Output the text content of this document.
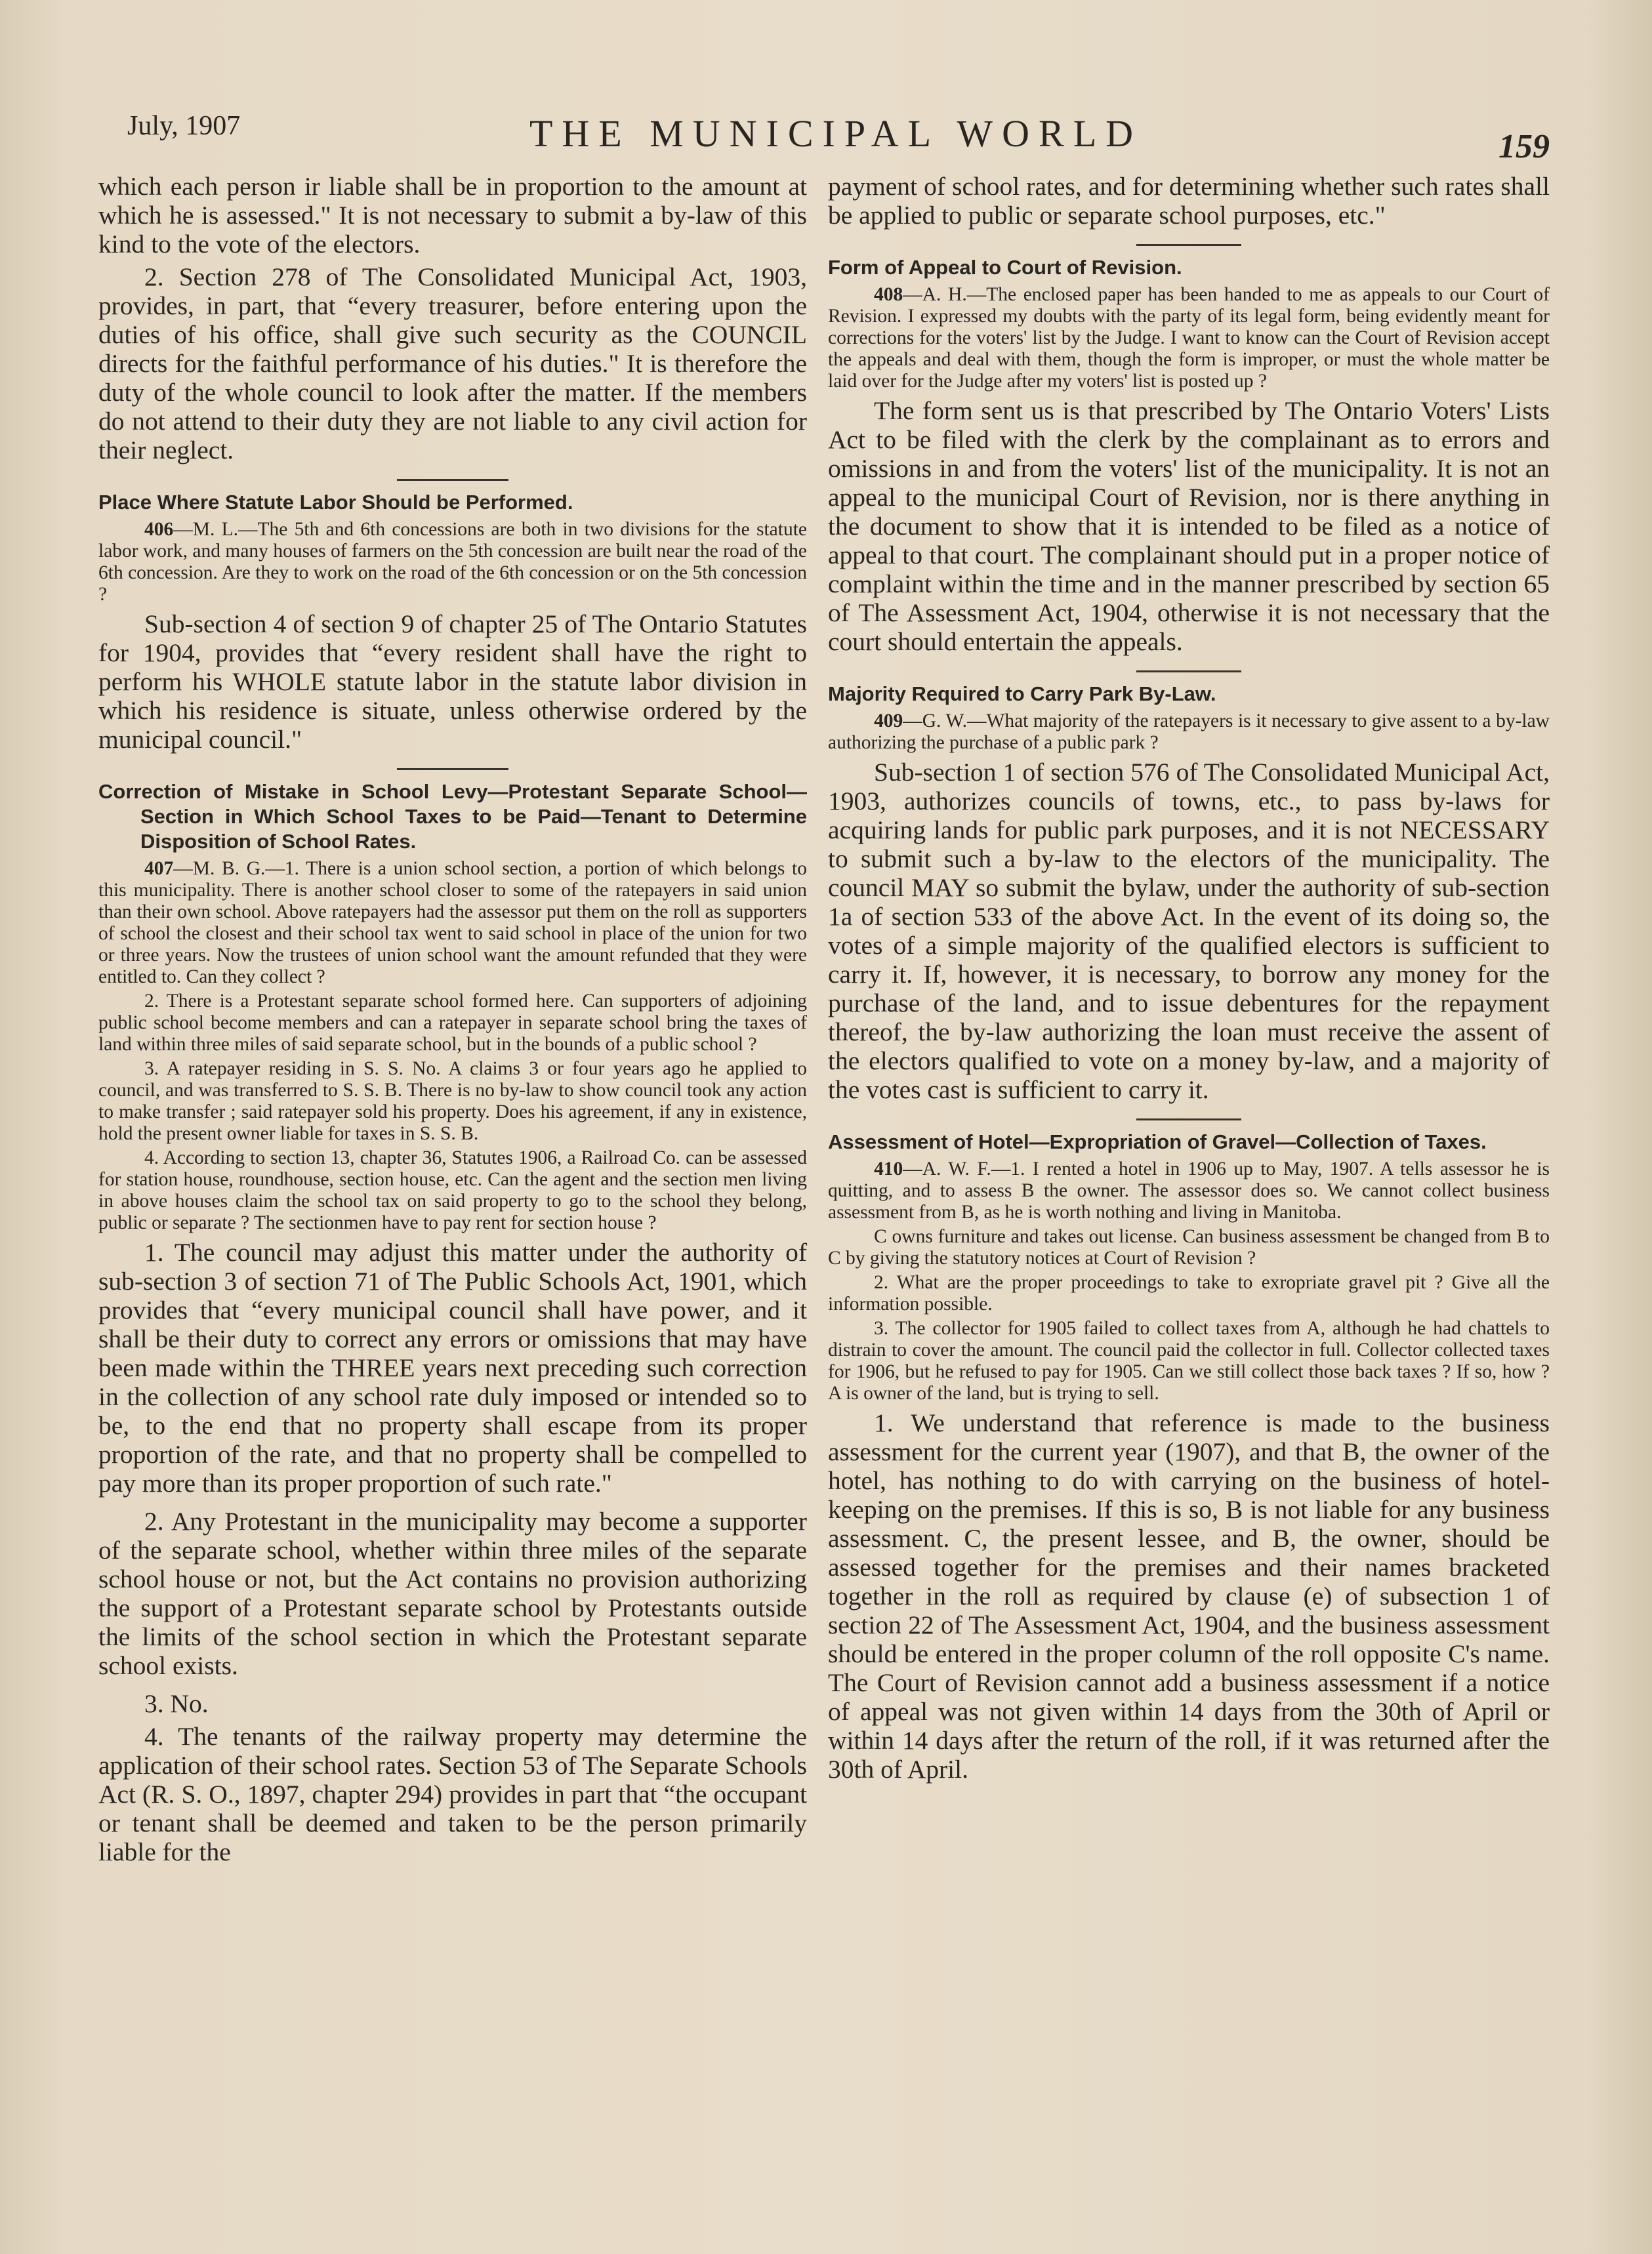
July, 1907	THE MUNICIPAL WORLD	159

which each person ir liable shall be in proportion to the amount at which he is assessed." It is not necessary to submit a by-law of this kind to the vote of the electors.

2. Section 278 of The Consolidated Municipal Act, 1903, provides, in part, that “every treasurer, before entering upon the duties of his office, shall give such security as the COUNCIL directs for the faithful performance of his duties." It is therefore the duty of the whole council to look after the matter. If the members do not attend to their duty they are not liable to any civil action for their neglect.

Place Where Statute Labor Should be Performed.

406—M. L.—The 5th and 6th concessions are both in two divisions for the statute labor work, and many houses of farmers on the 5th concession are built near the road of the 6th concession. Are they to work on the road of the 6th concession or on the 5th concession ?

Sub-section 4 of section 9 of chapter 25 of The Ontario Statutes for 1904, provides that “every resident shall have the right to perform his WHOLE statute labor in the statute labor division in which his residence is situate, unless otherwise ordered by the municipal council."

Correction of Mistake in School Levy—Protestant Separate School—Section in Which School Taxes to be Paid—Tenant to Determine Disposition of School Rates.

407—M. B. G.—1. There is a union school section, a portion of which belongs to this municipality. There is another school closer to some of the ratepayers in said union than their own school. Above ratepayers had the assessor put them on the roll as supporters of school the closest and their school tax went to said school in place of the union for two or three years. Now the trustees of union school want the amount refunded that they were entitled to. Can they collect ?

2. There is a Protestant separate school formed here. Can supporters of adjoining public school become members and can a ratepayer in separate school bring the taxes of land within three miles of said separate school, but in the bounds of a public school ?

3. A ratepayer residing in S. S. No. A claims 3 or four years ago he applied to council, and was transferred to S. S. B. There is no by-law to show council took any action to make transfer ; said ratepayer sold his property. Does his agreement, if any in existence, hold the present owner liable for taxes in S. S. B.

4. According to section 13, chapter 36, Statutes 1906, a Railroad Co. can be assessed for station house, roundhouse, section house, etc. Can the agent and the section men living in above houses claim the school tax on said property to go to the school they belong, public or separate ? The sectionmen have to pay rent for section house ?

1. The council may adjust this matter under the authority of sub-section 3 of section 71 of The Public Schools Act, 1901, which provides that “every municipal council shall have power, and it shall be their duty to correct any errors or omissions that may have been made within the THREE years next preceding such correction in the collection of any school rate duly imposed or intended so to be, to the end that no property shall escape from its proper proportion of the rate, and that no property shall be compelled to pay more than its proper proportion of such rate."

2. Any Protestant in the municipality may become a supporter of the separate school, whether within three miles of the separate school house or not, but the Act contains no provision authorizing the support of a Protestant separate school by Protestants outside the limits of the school section in which the Protestant separate school exists.

3. No.

4. The tenants of the railway property may determine the application of their school rates. Section 53 of The Separate Schools Act (R. S. O., 1897, chapter 294) provides in part that “the occupant or tenant shall be deemed and taken to be the person primarily liable for the

payment of school rates, and for determining whether such rates shall be applied to public or separate school purposes, etc."

Form of Appeal to Court of Revision.

408—A. H.—The enclosed paper has been handed to me as appeals to our Court of Revision. I expressed my doubts with the party of its legal form, being evidently meant for corrections for the voters' list by the Judge. I want to know can the Court of Revision accept the appeals and deal with them, though the form is improper, or must the whole matter be laid over for the Judge after my voters' list is posted up ?

The form sent us is that prescribed by The Ontario Voters' Lists Act to be filed with the clerk by the complainant as to errors and omissions in and from the voters' list of the municipality. It is not an appeal to the municipal Court of Revision, nor is there anything in the document to show that it is intended to be filed as a notice of appeal to that court. The complainant should put in a proper notice of complaint within the time and in the manner prescribed by section 65 of The Assessment Act, 1904, otherwise it is not necessary that the court should entertain the appeals.

Majority Required to Carry Park By-Law.

409—G. W.—What majority of the ratepayers is it necessary to give assent to a by-law authorizing the purchase of a public park ?

Sub-section 1 of section 576 of The Consolidated Municipal Act, 1903, authorizes councils of towns, etc., to pass by-laws for acquiring lands for public park purposes, and it is not NECESSARY to submit such a by-law to the electors of the municipality. The council MAY so submit the bylaw, under the authority of sub-section 1a of section 533 of the above Act. In the event of its doing so, the votes of a simple majority of the qualified electors is sufficient to carry it. If, however, it is necessary, to borrow any money for the purchase of the land, and to issue debentures for the repayment thereof, the by-law authorizing the loan must receive the assent of the electors qualified to vote on a money by-law, and a majority of the votes cast is sufficient to carry it.

Assessment of Hotel—Expropriation of Gravel—Collection of Taxes.

410—A. W. F.—1. I rented a hotel in 1906 up to May, 1907. A tells assessor he is quitting, and to assess B the owner. The assessor does so. We cannot collect business assessment from B, as he is worth nothing and living in Manitoba.

C owns furniture and takes out license. Can business assessment be changed from B to C by giving the statutory notices at Court of Revision ?

2. What are the proper proceedings to take to exropriate gravel pit ? Give all the information possible.

3. The collector for 1905 failed to collect taxes from A, although he had chattels to distrain to cover the amount. The council paid the collector in full. Collector collected taxes for 1906, but he refused to pay for 1905. Can we still collect those back taxes ? If so, how ? A is owner of the land, but is trying to sell.

1. We understand that reference is made to the business assessment for the current year (1907), and that B, the owner of the hotel, has nothing to do with carrying on the business of hotel-keeping on the premises. If this is so, B is not liable for any business assessment. C, the present lessee, and B, the owner, should be assessed together for the premises and their names bracketed together in the roll as required by clause (e) of subsection 1 of section 22 of The Assessment Act, 1904, and the business assessment should be entered in the proper column of the roll opposite C's name. The Court of Revision cannot add a business assessment if a notice of appeal was not given within 14 days from the 30th of April or within 14 days after the return of the roll, if it was returned after the 30th of April.
